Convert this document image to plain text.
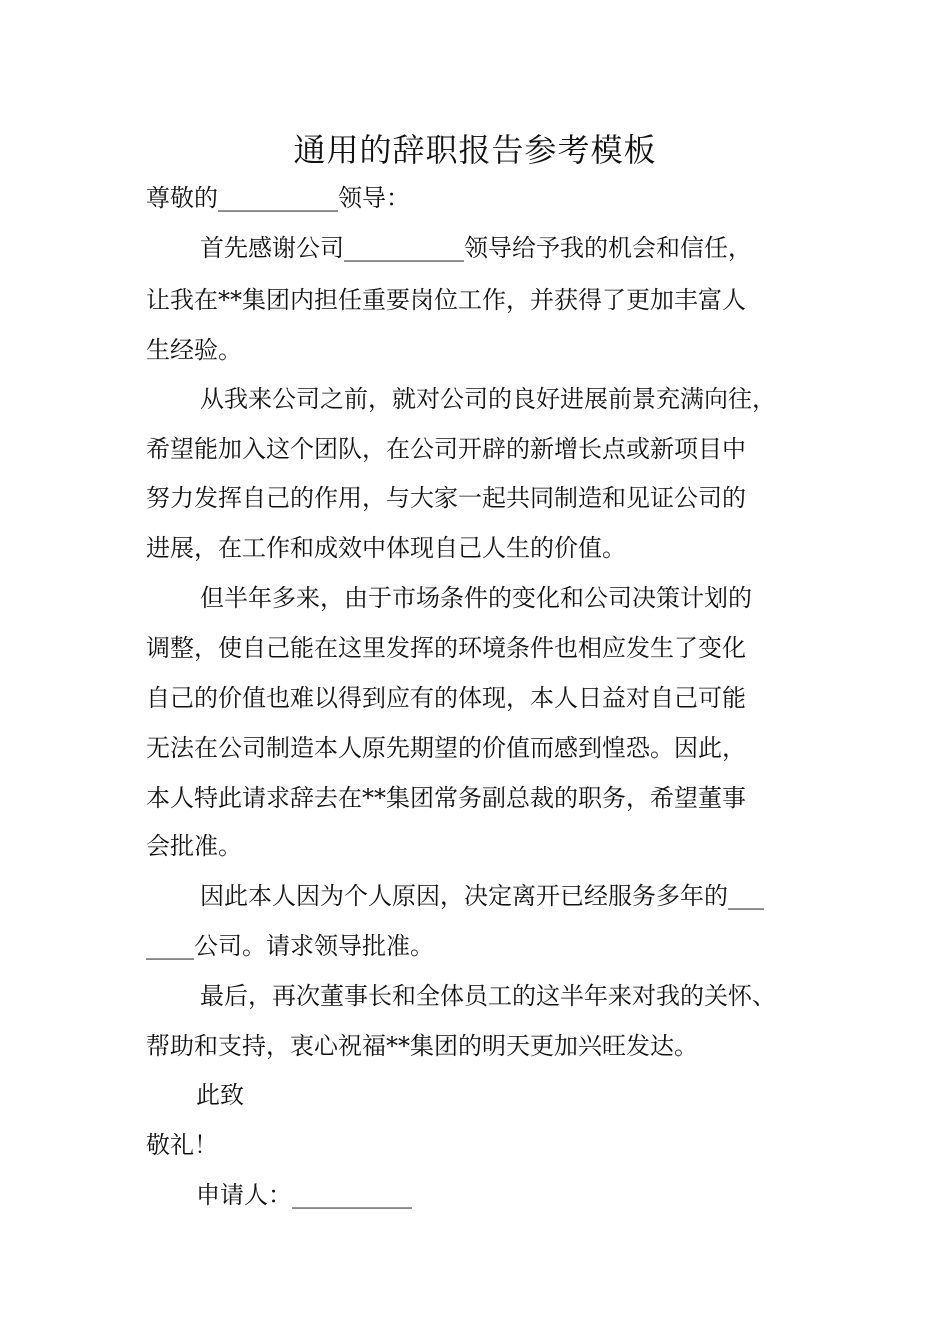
通用的辞职报告参考模板
尊敬的__________领导：
首先感谢公司__________领导给予我的机会和信任，
让我在**集团内担任重要岗位工作，并获得了更加丰富人
生经验。
从我来公司之前，就对公司的良好进展前景充满向往，
希望能加入这个团队，在公司开辟的新增长点或新项目中
努力发挥自己的作用，与大家一起共同制造和见证公司的
进展，在工作和成效中体现自己人生的价值。
但半年多来，由于市场条件的变化和公司决策计划的
调整，使自己能在这里发挥的环境条件也相应发生了变化
自己的价值也难以得到应有的体现，本人日益对自己可能
无法在公司制造本人原先期望的价值而感到惶恐。因此，
本人特此请求辞去在**集团常务副总裁的职务，希望董事
会批准。
因此本人因为个人原因，决定离开已经服务多年的___
____公司。请求领导批准。
最后，再次董事长和全体员工的这半年来对我的关怀、
帮助和支持，衷心祝福**集团的明天更加兴旺发达。
此致
敬礼！
申请人：__________
